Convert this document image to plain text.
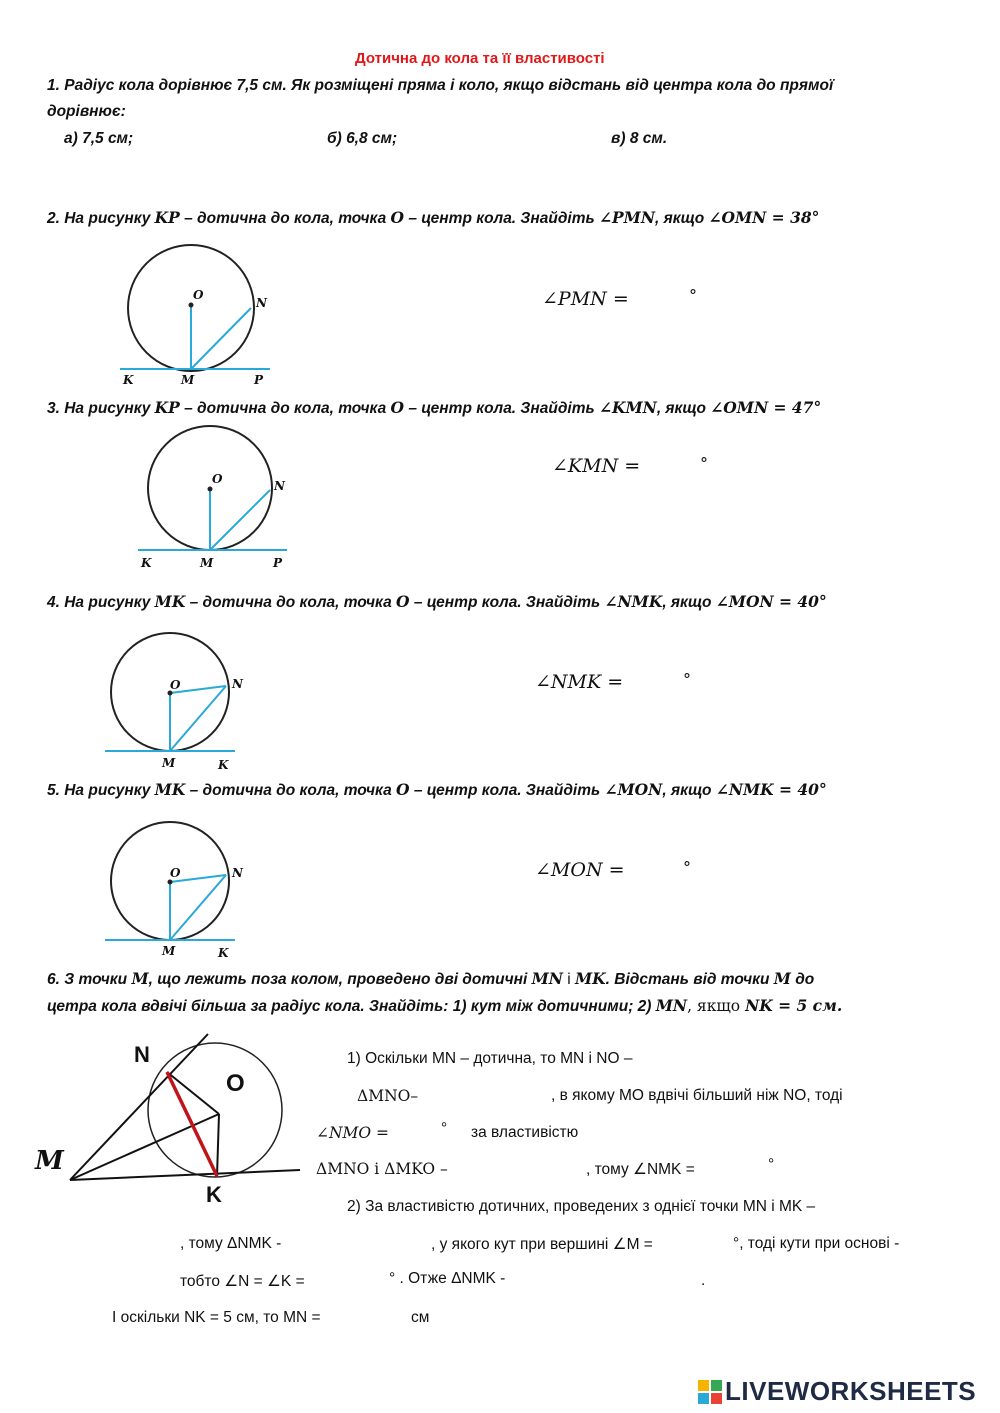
Дотична до кола та її властивості
1. Радіус кола дорівнює 7,5 см. Як розміщені пряма і коло, якщо відстань від центра кола до прямої
дорівнює:
а) 7,5 см;	б) 6,8 см;	в) 8 см.
2. На рисунку KP – дотична до кола, точка O – центр кола. Знайдіть ∠PMN, якщо ∠OMN = 38°
O
N
K	M	P
∠PMN =	°
3. На рисунку KP – дотична до кола, точка O – центр кола. Знайдіть ∠KMN, якщо ∠OMN = 47°
O	N
K	M	P
∠KMN =	°
4. На рисунку MK – дотична до кола, точка O – центр кола. Знайдіть ∠NMK, якщо ∠MON = 40°
O	N
M	K
∠NMK =	°
5. На рисунку MK – дотична до кола, точка O – центр кола. Знайдіть ∠MON, якщо ∠NMK = 40°
O	N
M	K
∠MON =	°
6. З точки M, що лежить поза колом, проведено дві дотичні MN і MK. Відстань від точки M до
цетра кола вдвічі більша за радіус кола. Знайдіть: 1) кут між дотичними; 2) MN, якщо NK = 5 см.
N
O
M
K
1) Оскільки MN – дотична, то MN і NO –
ΔMNO–	, в якому MO вдвічі більший ніж NO, тоді
∠NMO =	° за властивістю
ΔMNO і ΔMKO –	, тому ∠NMK =	°
2) За властивістю дотичних, проведених з однієї точки MN і MK –
, тому ΔNMK -	, у якого кут при вершині ∠M =	°, тоді кути при основі -
тобто ∠N = ∠K =	° . Отже ΔNMK -	.
І оскільки NK = 5 см, то MN =	см
LIVEWORKSHEETS
